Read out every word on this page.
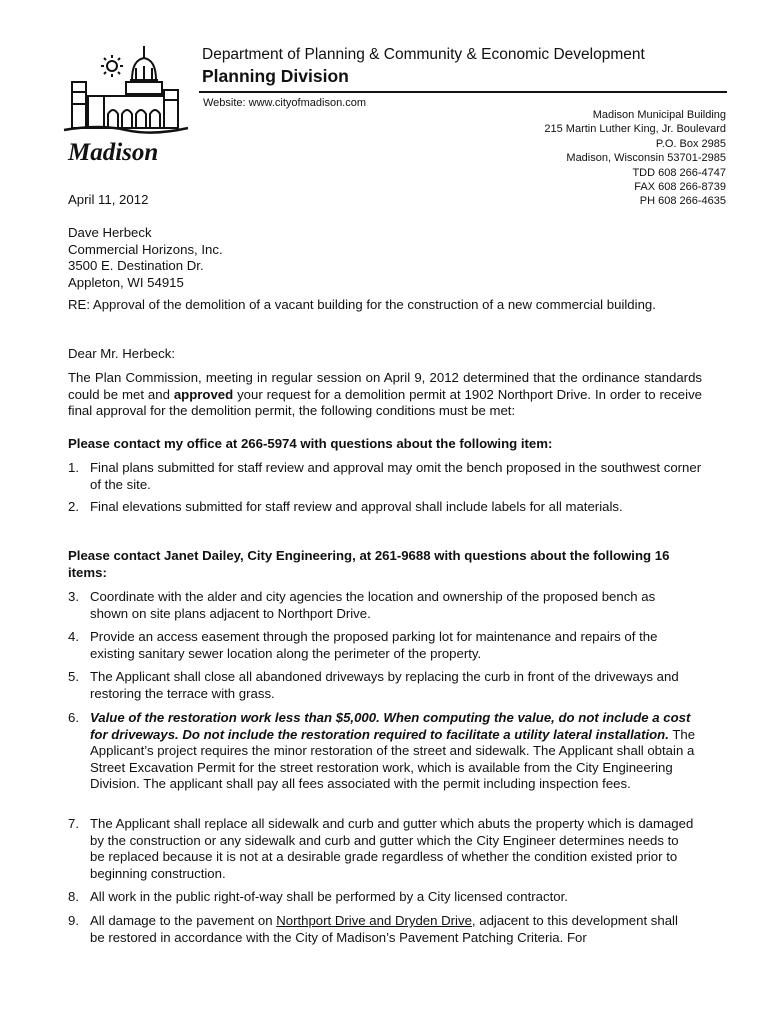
Madison
Department of Planning & Community & Economic Development
Planning Division
Website: www.cityofmadison.com
Madison Municipal Building
215 Martin Luther King, Jr. Boulevard
P.O. Box 2985
Madison, Wisconsin 53701-2985
TDD 608 266-4747
FAX 608 266-8739
PH 608 266-4635
April 11, 2012
Dave Herbeck
Commercial Horizons, Inc.
3500 E. Destination Dr.
Appleton, WI 54915
RE: Approval of the demolition of a vacant building for the construction of a new commercial building.
Dear Mr. Herbeck:

The Plan Commission, meeting in regular session on April 9, 2012 determined that the ordinance standards could be met and approved your request for a demolition permit at 1902 Northport Drive. In order to receive final approval for the demolition permit, the following conditions must be met:

Please contact my office at 266-5974 with questions about the following item:
1. Final plans submitted for staff review and approval may omit the bench proposed in the southwest corner of the site.
2. Final elevations submitted for staff review and approval shall include labels for all materials.
Please contact Janet Dailey, City Engineering, at 261-9688 with questions about the following 16 items:
3. Coordinate with the alder and city agencies the location and ownership of the proposed bench as shown on site plans adjacent to Northport Drive.
4. Provide an access easement through the proposed parking lot for maintenance and repairs of the existing sanitary sewer location along the perimeter of the property.
5. The Applicant shall close all abandoned driveways by replacing the curb in front of the driveways and restoring the terrace with grass.
6. Value of the restoration work less than $5,000. When computing the value, do not include a cost for driveways. Do not include the restoration required to facilitate a utility lateral installation. The Applicant’s project requires the minor restoration of the street and sidewalk. The Applicant shall obtain a Street Excavation Permit for the street restoration work, which is available from the City Engineering Division. The applicant shall pay all fees associated with the permit including inspection fees.
7. The Applicant shall replace all sidewalk and curb and gutter which abuts the property which is damaged by the construction or any sidewalk and curb and gutter which the City Engineer determines needs to be replaced because it is not at a desirable grade regardless of whether the condition existed prior to beginning construction.
8. All work in the public right-of-way shall be performed by a City licensed contractor.
9. All damage to the pavement on Northport Drive and Dryden Drive, adjacent to this development shall be restored in accordance with the City of Madison’s Pavement Patching Criteria. For
